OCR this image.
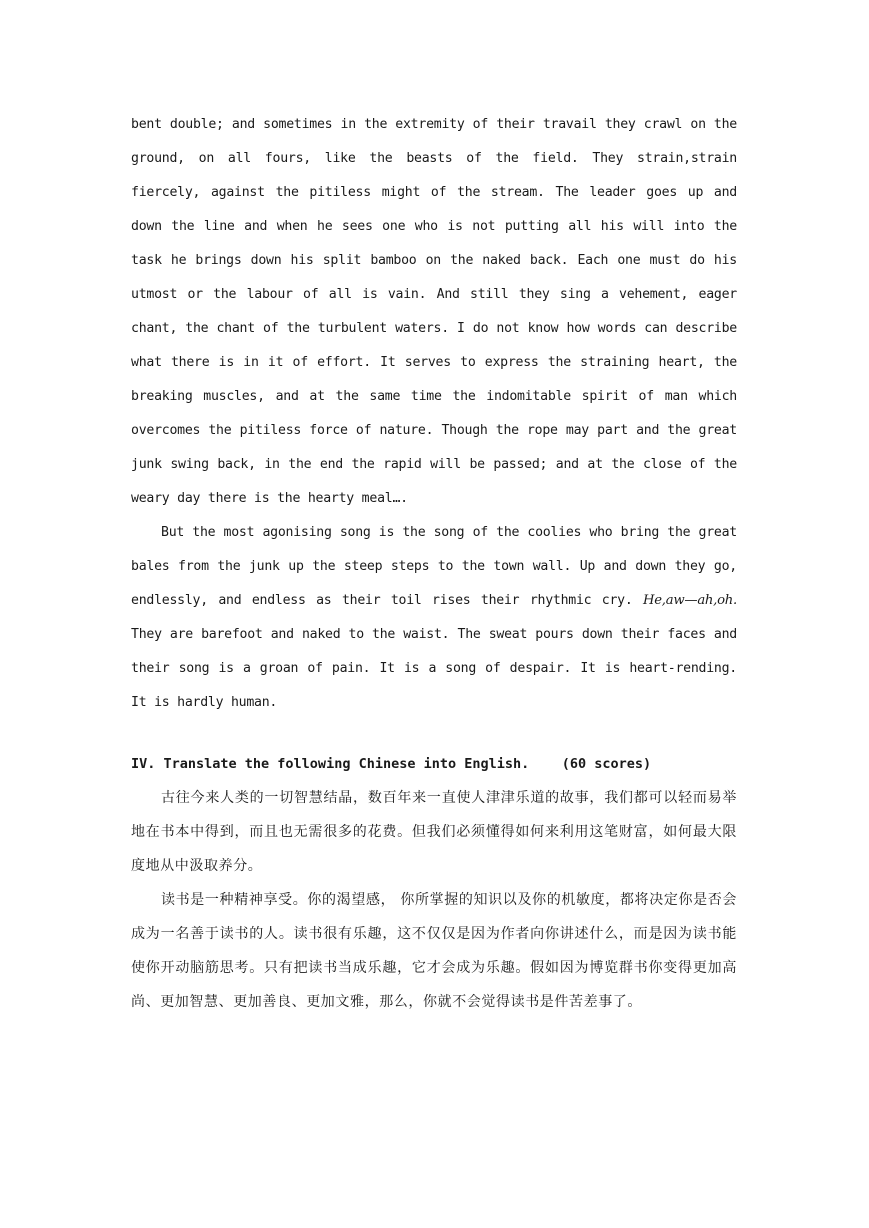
bent double; and sometimes in the extremity of their travail they crawl on the ground, on all fours, like the beasts of the field. They strain,strain fiercely, against the pitiless might of the stream. The leader goes up and down the line and when he sees one who is not putting all his will into the task he brings down his split bamboo on the naked back. Each one must do his utmost or the labour of all is vain. And still they sing a vehement, eager chant, the chant of the turbulent waters. I do not know how words can describe what there is in it of effort. It serves to express the straining heart, the breaking muscles, and at the same time the indomitable spirit of man which overcomes the pitiless force of nature. Though the rope may part and the great junk swing back, in the end the rapid will be passed; and at the close of the weary day there is the hearty meal….

But the most agonising song is the song of the coolies who bring the great bales from the junk up the steep steps to the town wall. Up and down they go, endlessly, and endless as their toil rises their rhythmic cry. He,aw—ah,oh. They are barefoot and naked to the waist. The sweat pours down their faces and their song is a groan of pain. It is a song of despair. It is heart-rending. It is hardly human.

IV. Translate the following Chinese into English.    (60 scores)

古往今来人类的一切智慧结晶，数百年来一直使人津津乐道的故事，我们都可以轻而易举地在书本中得到，而且也无需很多的花费。但我们必须懂得如何来利用这笔财富，如何最大限度地从中汲取养分。

读书是一种精神享受。你的渴望感， 你所掌握的知识以及你的机敏度，都将决定你是否会成为一名善于读书的人。读书很有乐趣，这不仅仅是因为作者向你讲述什么，而是因为读书能使你开动脑筋思考。只有把读书当成乐趣，它才会成为乐趣。假如因为博览群书你变得更加高尚、更加智慧、更加善良、更加文雅，那么，你就不会觉得读书是件苦差事了。
